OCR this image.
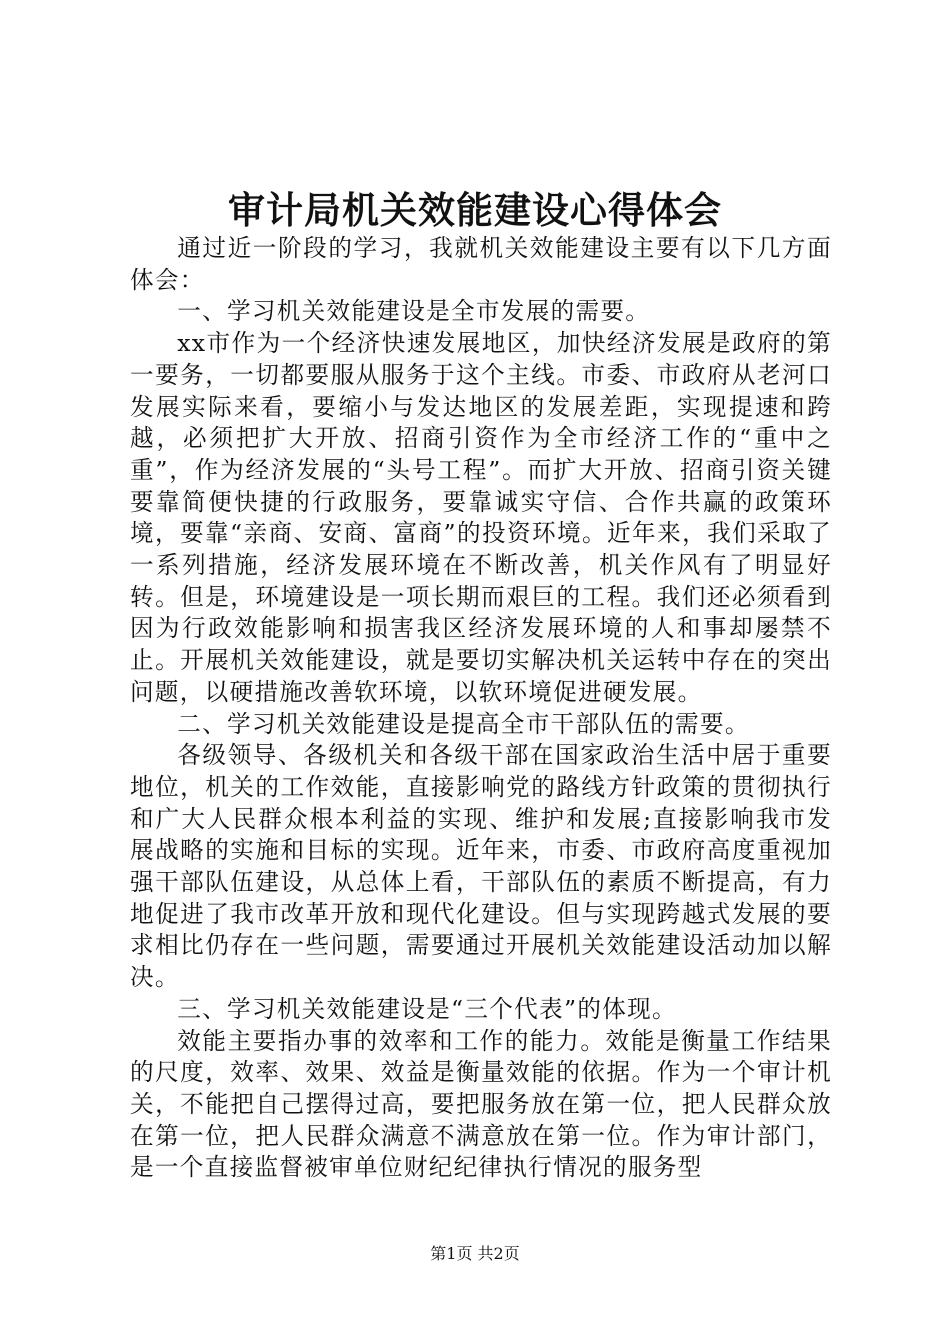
审计局机关效能建设心得体会

通过近一阶段的学习，我就机关效能建设主要有以下几方面体会：

一、学习机关效能建设是全市发展的需要。

xx市作为一个经济快速发展地区，加快经济发展是政府的第一要务，一切都要服从服务于这个主线。市委、市政府从老河口发展实际来看，要缩小与发达地区的发展差距，实现提速和跨越，必须把扩大开放、招商引资作为全市经济工作的“重中之重”，作为经济发展的“头号工程”。而扩大开放、招商引资关键要靠简便快捷的行政服务，要靠诚实守信、合作共赢的政策环境，要靠“亲商、安商、富商”的投资环境。近年来，我们采取了一系列措施，经济发展环境在不断改善，机关作风有了明显好转。但是，环境建设是一项长期而艰巨的工程。我们还必须看到因为行政效能影响和损害我区经济发展环境的人和事却屡禁不止。开展机关效能建设，就是要切实解决机关运转中存在的突出问题，以硬措施改善软环境，以软环境促进硬发展。

二、学习机关效能建设是提高全市干部队伍的需要。

各级领导、各级机关和各级干部在国家政治生活中居于重要地位，机关的工作效能，直接影响党的路线方针政策的贯彻执行和广大人民群众根本利益的实现、维护和发展;直接影响我市发展战略的实施和目标的实现。近年来，市委、市政府高度重视加强干部队伍建设，从总体上看，干部队伍的素质不断提高，有力地促进了我市改革开放和现代化建设。但与实现跨越式发展的要求相比仍存在一些问题，需要通过开展机关效能建设活动加以解决。

三、学习机关效能建设是“三个代表”的体现。

效能主要指办事的效率和工作的能力。效能是衡量工作结果的尺度，效率、效果、效益是衡量效能的依据。作为一个审计机关，不能把自己摆得过高，要把服务放在第一位，把人民群众放在第一位，把人民群众满意不满意放在第一位。作为审计部门，是一个直接监督被审单位财纪纪律执行情况的服务型

第1页 共2页
